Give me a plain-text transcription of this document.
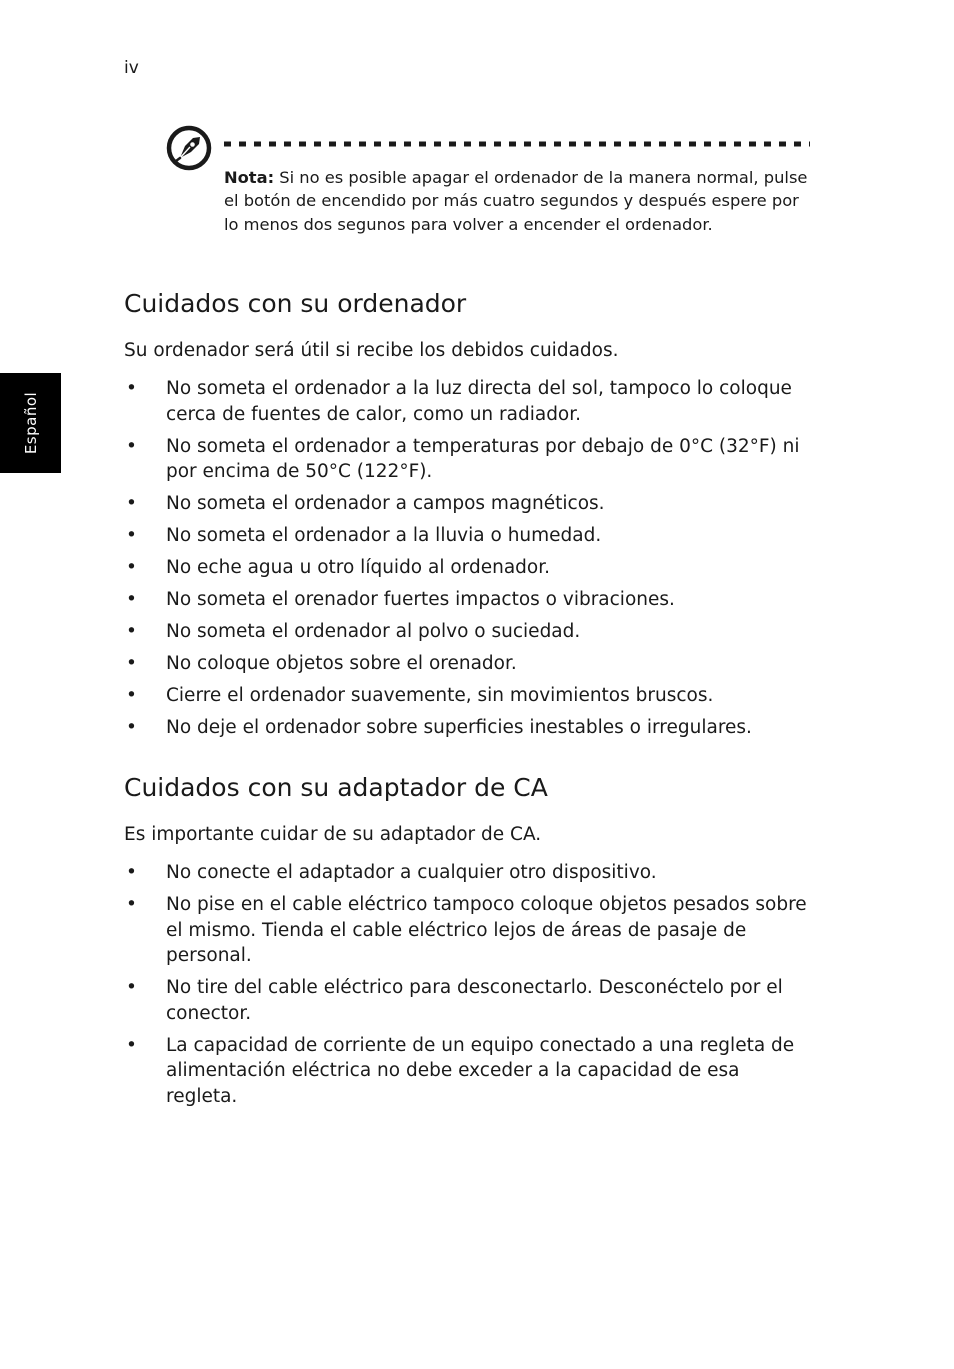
iv
Español
Nota: Si no es posible apagar el ordenador de la manera normal, pulse el botón de encendido por más cuatro segundos y después espere por lo menos dos segunos para volver a encender el ordenador.
Cuidados con su ordenador

Su ordenador será útil si recibe los debidos cuidados.

• No someta el ordenador a la luz directa del sol, tampoco lo coloque cerca de fuentes de calor, como un radiador.
• No someta el ordenador a temperaturas por debajo de 0°C (32°F) ni por encima de 50°C (122°F).
• No someta el ordenador a campos magnéticos.
• No someta el ordenador a la lluvia o humedad.
• No eche agua u otro líquido al ordenador.
• No someta el orenador fuertes impactos o vibraciones.
• No someta el ordenador al polvo o suciedad.
• No coloque objetos sobre el orenador.
• Cierre el ordenador suavemente, sin movimientos bruscos.
• No deje el ordenador sobre superficies inestables o irregulares.
Cuidados con su adaptador de CA

Es importante cuidar de su adaptador de CA.

• No conecte el adaptador a cualquier otro dispositivo.
• No pise en el cable eléctrico tampoco coloque objetos pesados sobre el mismo. Tienda el cable eléctrico lejos de áreas de pasaje de personal.
• No tire del cable eléctrico para desconectarlo. Desconéctelo por el conector.
• La capacidad de corriente de un equipo conectado a una regleta de alimentación eléctrica no debe exceder a la capacidad de esa regleta.
